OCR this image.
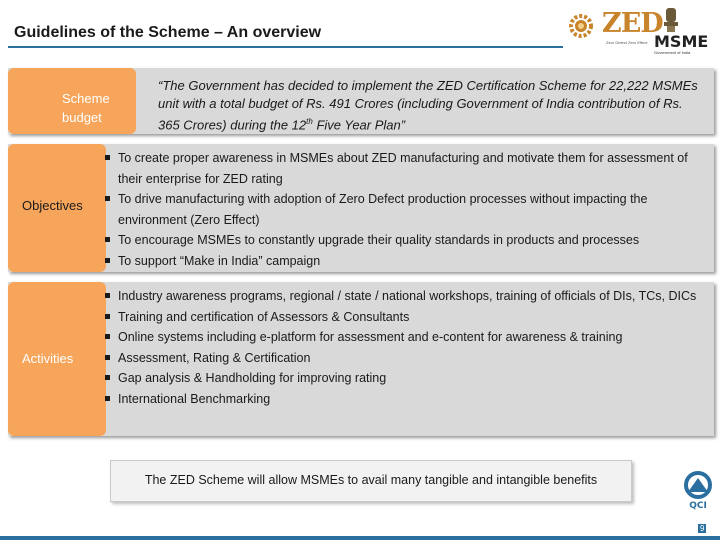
Guidelines of the Scheme – An overview	ZED
Zero Defect Zero Effect MSME
Government of India
Scheme
budget
Objectives
Activities
“The Government has decided to implement the ZED Certification Scheme for 22,222 MSMEs unit with a total budget of Rs. 491 Crores (including Government of India contribution of Rs. 365 Crores) during the 12th Five Year Plan”
To create proper awareness in MSMEs about ZED manufacturing and motivate them for assessment of their enterprise for ZED rating
To drive manufacturing with adoption of Zero Defect production processes without impacting the environment (Zero Effect)
To encourage MSMEs to constantly upgrade their quality standards in products and processes
To support “Make in India” campaign
Industry awareness programs, regional / state / national workshops, training of officials of DIs, TCs, DICs
Training and certification of Assessors & Consultants
Online systems including e-platform for assessment and e-content for awareness & training
Assessment, Rating & Certification
Gap analysis & Handholding for improving rating
International Benchmarking
The ZED Scheme will allow MSMEs to avail many tangible and intangible benefits
QCI
9
